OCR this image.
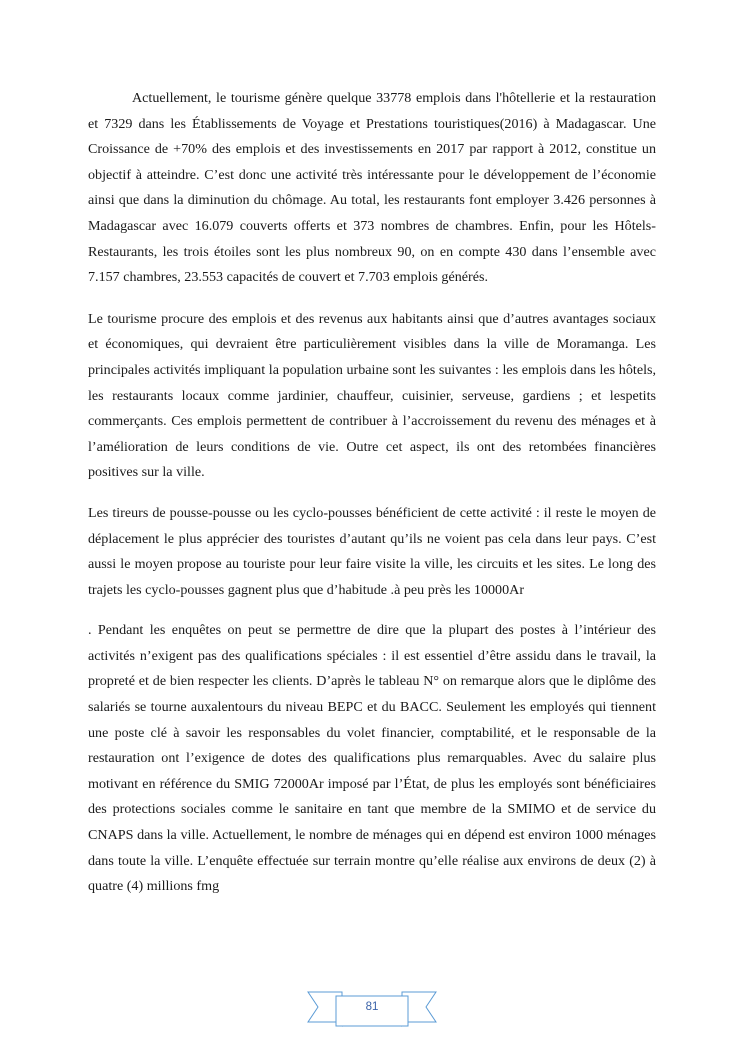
Actuellement, le tourisme génère quelque 33778 emplois dans l'hôtellerie et la restauration et 7329 dans les Établissements de Voyage et Prestations touristiques(2016) à Madagascar. Une Croissance de +70% des emplois et des investissements en 2017 par rapport à 2012, constitue un objectif à atteindre. C’est donc une activité très intéressante pour le développement de l’économie ainsi que dans la diminution du chômage. Au total, les restaurants font employer 3.426 personnes à Madagascar avec 16.079 couverts offerts et 373 nombres de chambres. Enfin, pour les Hôtels-Restaurants, les trois étoiles sont les plus nombreux 90, on en compte 430 dans l’ensemble avec 7.157 chambres, 23.553 capacités de couvert et 7.703 emplois générés.

Le tourisme procure des emplois et des revenus aux habitants ainsi que d’autres avantages sociaux et économiques, qui devraient être particulièrement visibles dans la ville de Moramanga. Les principales activités impliquant la population urbaine sont les suivantes : les emplois dans les hôtels, les restaurants locaux comme jardinier, chauffeur, cuisinier, serveuse, gardiens ; et lespetits commerçants. Ces emplois permettent de contribuer à l’accroissement du revenu des ménages et à l’amélioration de leurs conditions de vie. Outre cet aspect, ils ont des retombées financières positives sur la ville.

Les tireurs de pousse-pousse ou les cyclo-pousses bénéficient de cette activité : il reste le moyen de déplacement le plus apprécier des touristes d’autant qu’ils ne voient pas cela dans leur pays. C’est aussi le moyen propose au touriste pour leur faire visite la ville, les circuits et les sites. Le long des trajets les cyclo-pousses gagnent plus que d’habitude .à peu près les 10000Ar

. Pendant les enquêtes on peut se permettre de dire que la plupart des postes à l’intérieur des activités n’exigent pas des qualifications spéciales : il est essentiel d’être assidu dans le travail, la propreté et de bien respecter les clients. D’après le tableau N° on remarque alors que le diplôme des salariés se tourne auxalentours du niveau BEPC et du BACC. Seulement les employés qui tiennent une poste clé à savoir les responsables du volet financier, comptabilité, et le responsable de la restauration ont l’exigence de dotes des qualifications plus remarquables. Avec du salaire plus motivant en référence du SMIG 72000Ar imposé par l’État, de plus les employés sont bénéficiaires des protections sociales comme le sanitaire en tant que membre de la SMIMO et de service du CNAPS dans la ville. Actuellement, le nombre de ménages qui en dépend est environ 1000 ménages dans toute la ville. L’enquête effectuée sur terrain montre qu’elle réalise aux environs de deux (2) à quatre (4) millions fmg

81
